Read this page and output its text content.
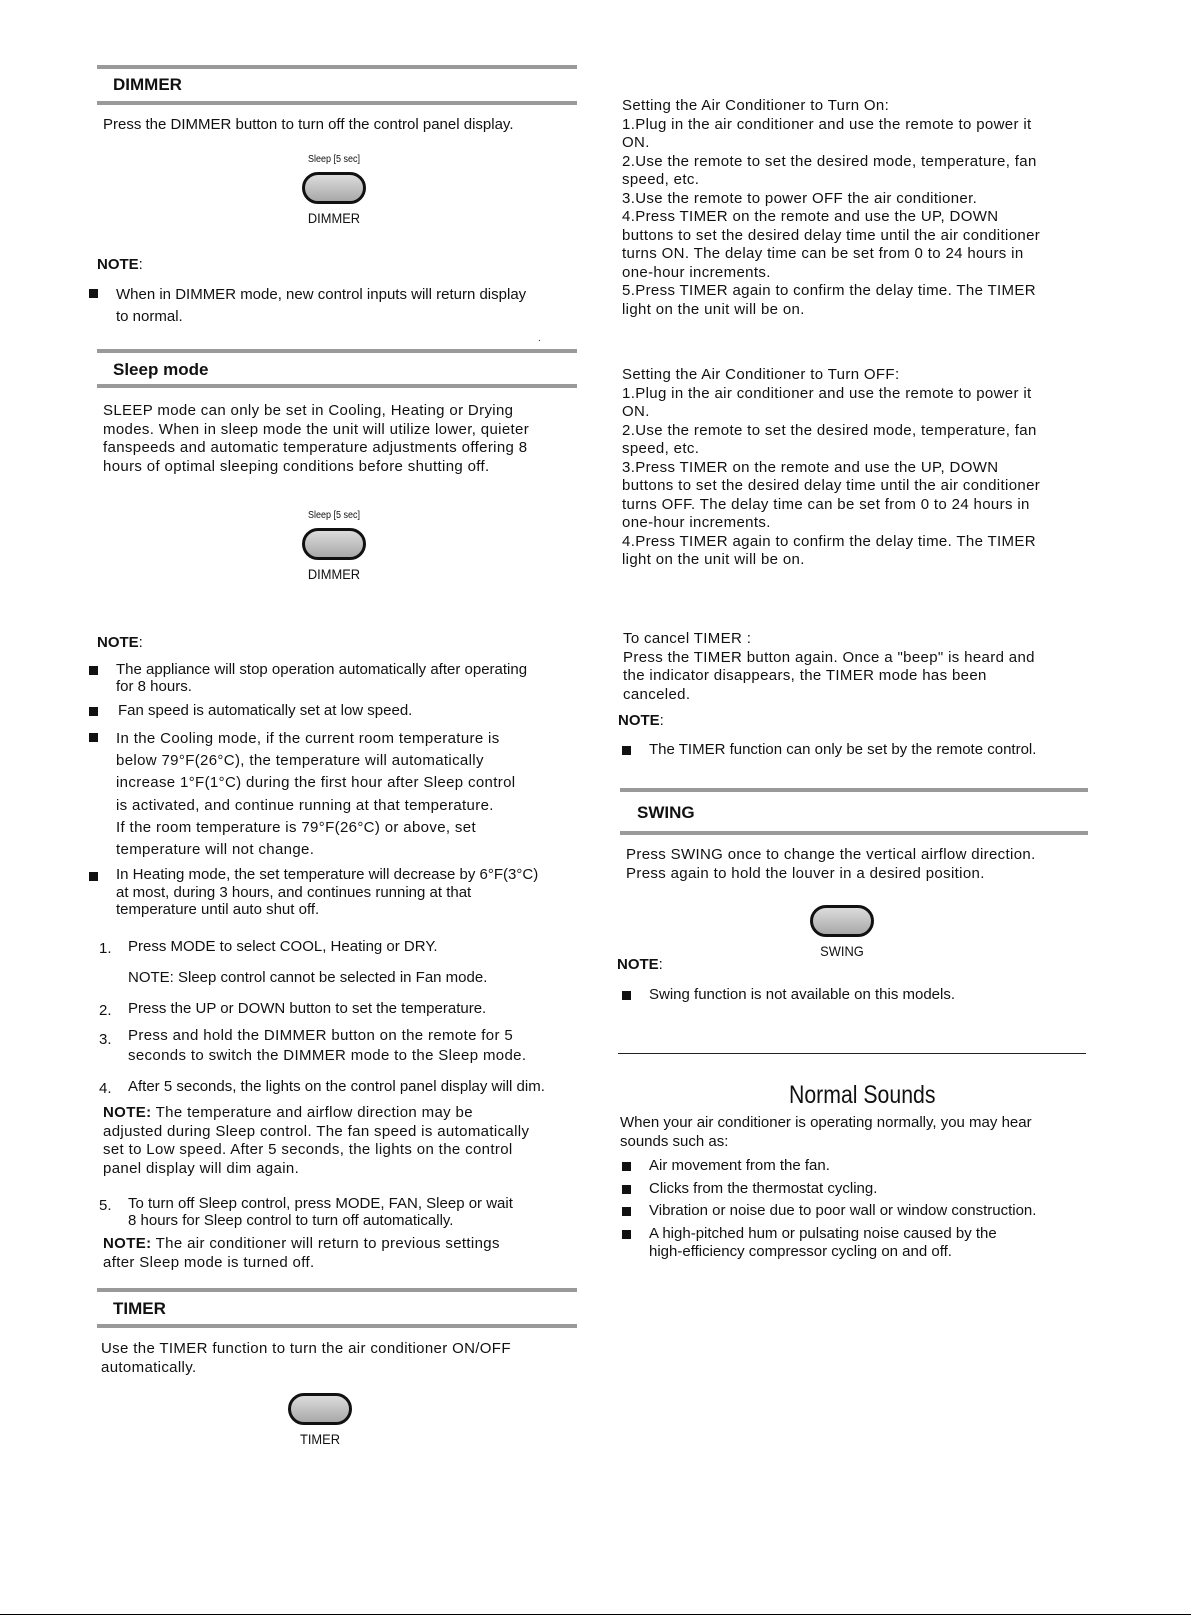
DIMMER
Press the DIMMER button to turn off the control panel display.
Sleep [5 sec]
DIMMER
NOTE:
When in DIMMER mode, new control inputs will return display
to normal.
.
Sleep mode
SLEEP mode can only be set in Cooling, Heating or Drying
modes. When in sleep mode the unit will utilize lower, quieter
fanspeeds and automatic temperature adjustments offering 8
hours of optimal sleeping conditions before shutting off.
Sleep [5 sec]
DIMMER
NOTE:
The appliance will stop operation automatically after operating
for 8 hours.
Fan speed is automatically set at low speed.
In the Cooling mode, if the current room temperature is
below 79°F(26°C), the temperature will automatically
increase 1°F(1°C) during the first hour after Sleep control
is activated, and continue running at that temperature.
If the room temperature is 79°F(26°C) or above, set
temperature will not change.
In Heating mode, the set temperature will decrease by 6°F(3°C)
at most, during 3 hours, and continues running at that
temperature until auto shut off.
1. Press MODE to select COOL, Heating or DRY.
NOTE: Sleep control cannot be selected in Fan mode.
2. Press the UP or DOWN button to set the temperature.
3. Press and hold the DIMMER button on the remote for 5
seconds to switch the DIMMER mode to the Sleep mode.
4. After 5 seconds, the lights on the control panel display will dim.
NOTE: The temperature and airflow direction may be
adjusted during Sleep control. The fan speed is automatically
set to Low speed. After 5 seconds, the lights on the control
panel display will dim again.
5. To turn off Sleep control, press MODE, FAN, Sleep or wait
8 hours for Sleep control to turn off automatically.
NOTE: The air conditioner will return to previous settings
after Sleep mode is turned off.
TIMER
Use the TIMER function to turn the air conditioner ON/OFF
automatically.
TIMER
Setting the Air Conditioner to Turn On:
1.Plug in the air conditioner and use the remote to power it
ON.
2.Use the remote to set the desired mode, temperature, fan
speed, etc.
3.Use the remote to power OFF the air conditioner.
4.Press TIMER on the remote and use the UP, DOWN
buttons to set the desired delay time until the air conditioner
turns ON. The delay time can be set from 0 to 24 hours in
one-hour increments.
5.Press TIMER again to confirm the delay time. The TIMER
light on the unit will be on.
Setting the Air Conditioner to Turn OFF:
1.Plug in the air conditioner and use the remote to power it
ON.
2.Use the remote to set the desired mode, temperature, fan
speed, etc.
3.Press TIMER on the remote and use the UP, DOWN
buttons to set the desired delay time until the air conditioner
turns OFF. The delay time can be set from 0 to 24 hours in
one-hour increments.
4.Press TIMER again to confirm the delay time. The TIMER
light on the unit will be on.
To cancel TIMER :
Press the TIMER button again. Once a "beep" is heard and
the indicator disappears, the TIMER mode has been
canceled.
NOTE:
The TIMER function can only be set by the remote control.
SWING
Press SWING once to change the vertical airflow direction.
Press again to hold the louver in a desired position.
SWING
NOTE:
Swing function is not available on this models.
Normal Sounds
When your air conditioner is operating normally, you may hear
sounds such as:
Air movement from the fan.
Clicks from the thermostat cycling.
Vibration or noise due to poor wall or window construction.
A high-pitched hum or pulsating noise caused by the
high-efficiency compressor cycling on and off.
